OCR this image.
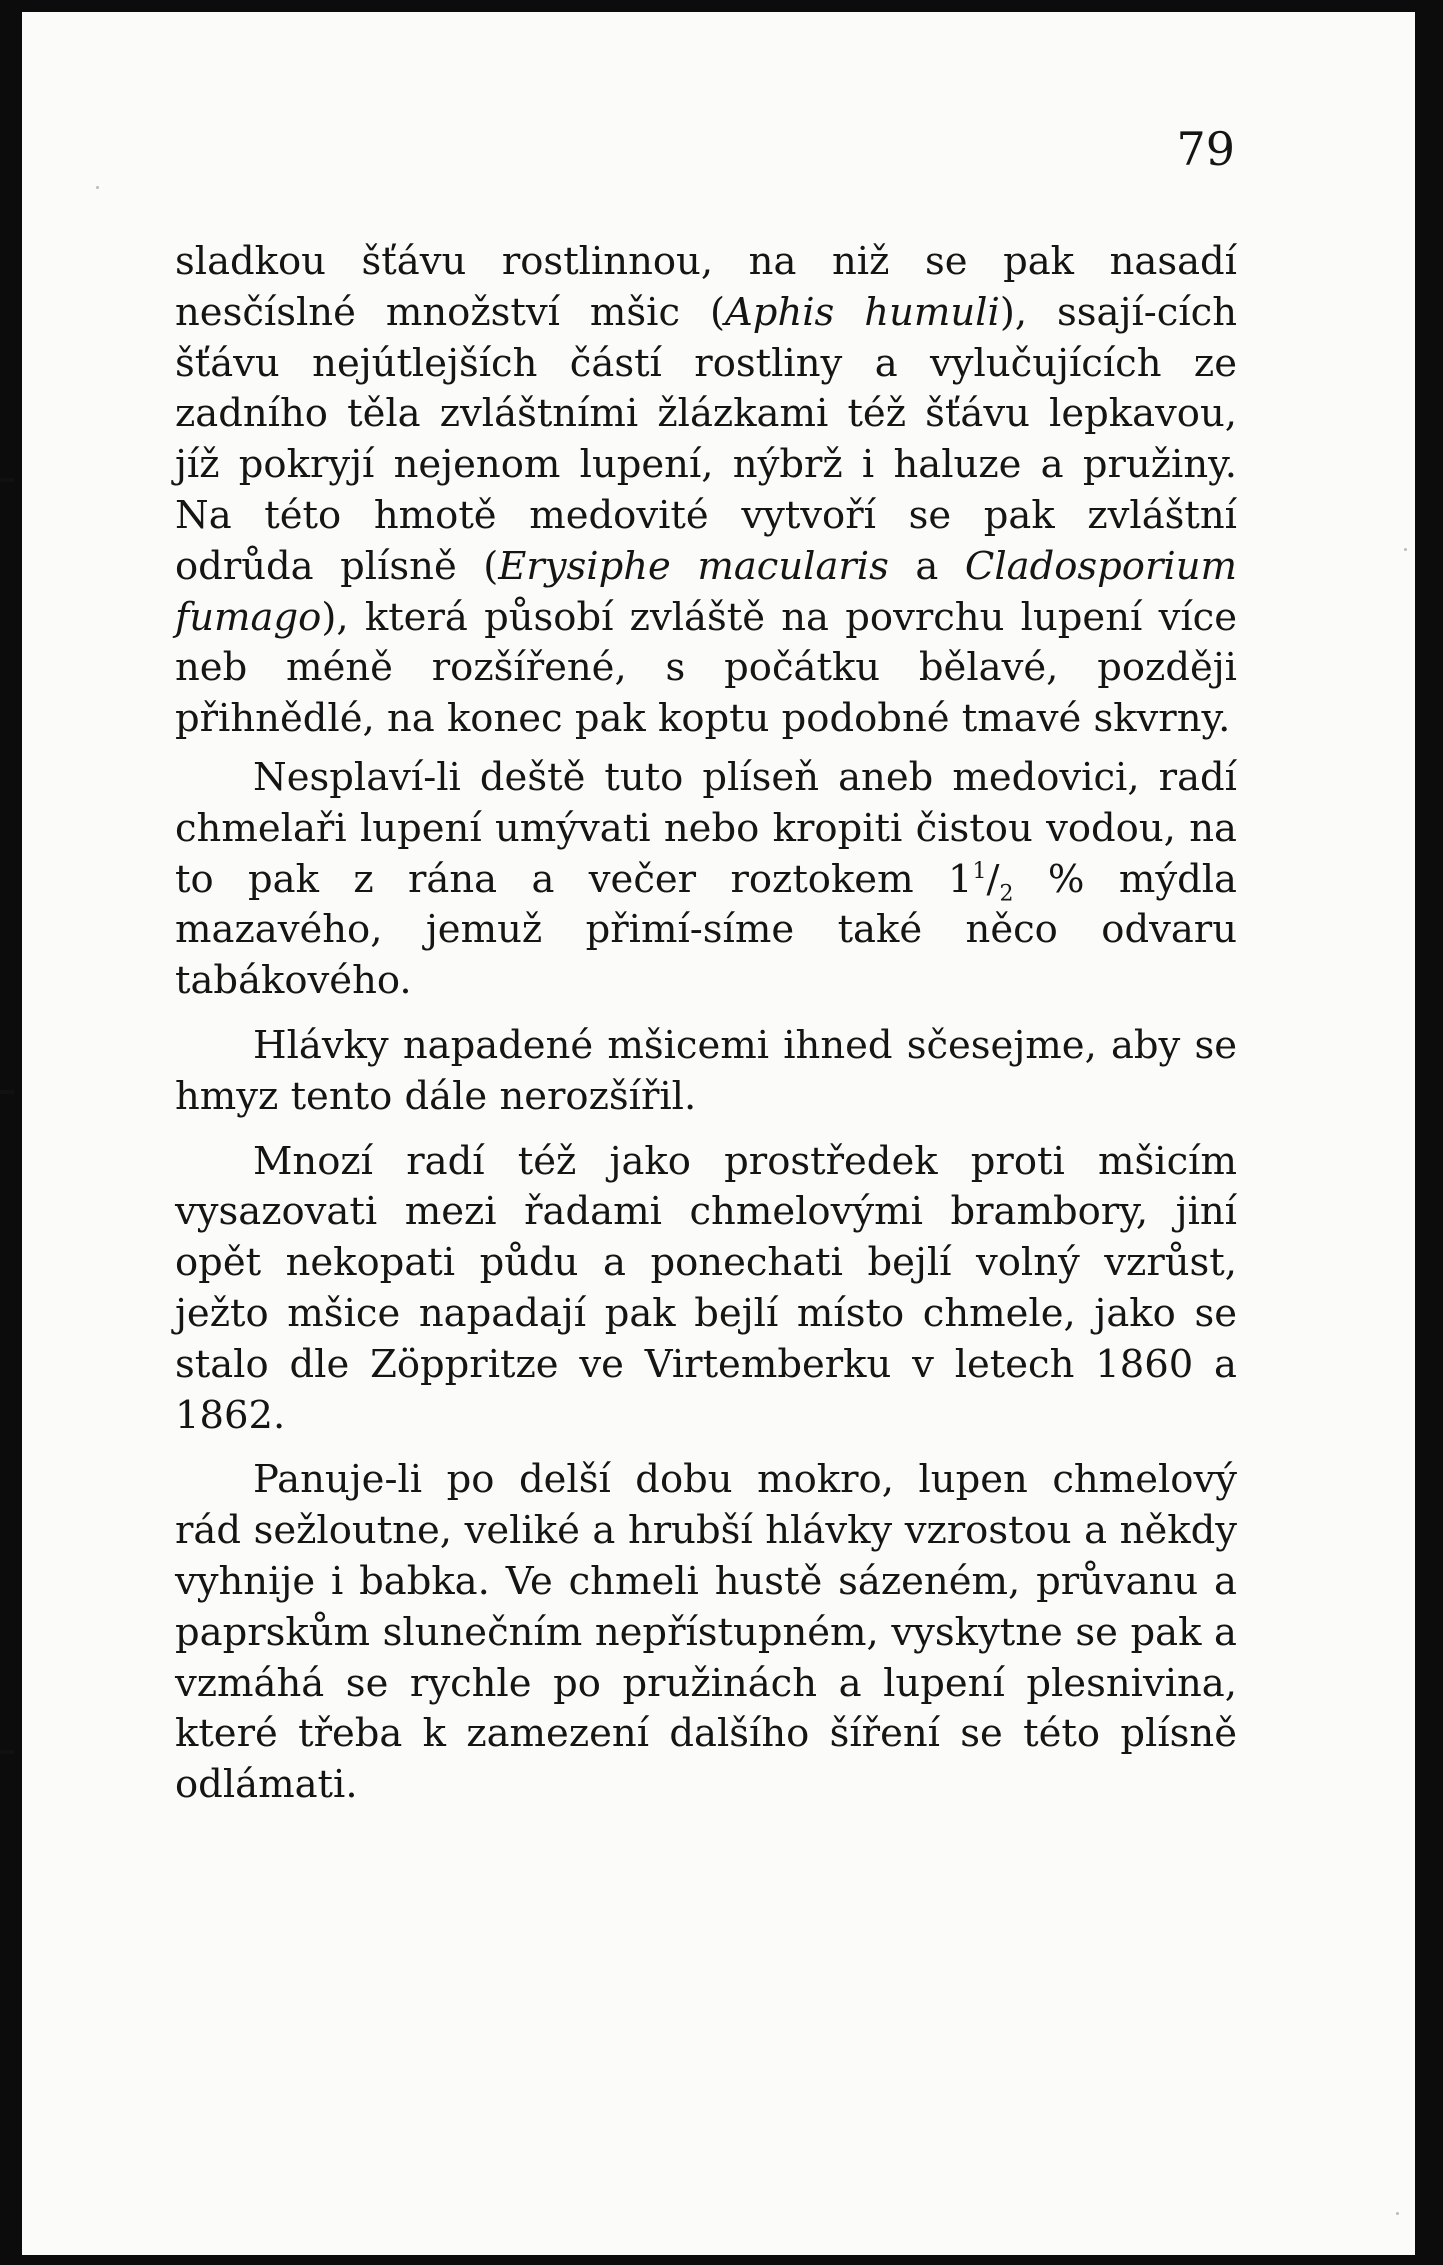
79

sladkou šťávu rostlinnou, na niž se pak nasadí nesčíslné množství mšic (Aphis humuli), ssají-cích šťávu nejútlejších částí rostliny a vylučujících ze zadního těla zvláštními žlázkami též šťávu lepkavou, jíž pokryjí nejenom lupení, nýbrž i haluze a pružiny. Na této hmotě medovité vytvoří se pak zvláštní odrůda plísně (Erysiphe macularis a Cladosporium fumago), která působí zvláště na povrchu lupení více neb méně rozšířené, s počátku bělavé, později přihnědlé, na konec pak koptu podobné tmavé skvrny.

Nesplaví-li deště tuto plíseň aneb medovici, radí chmelaři lupení umývati nebo kropiti čistou vodou, na to pak z rána a večer roztokem $1^1/_2$ % mýdla mazavého, jemuž přimí-síme také něco odvaru tabákového.

Hlávky napadené mšicemi ihned sčesejme, aby se hmyz tento dále nerozšířil.

Mnozí radí též jako prostředek proti mšicím vysazovati mezi řadami chmelovými brambory, jiní opět nekopati půdu a ponechati bejlí volný vzrůst, ježto mšice napadají pak bejlí místo chmele, jako se stalo dle Zöppritze ve Virtemberku v letech 1860 a 1862.

Panuje-li po delší dobu mokro, lupen chmelový rád sežloutne, veliké a hrubší hlávky vzrostou a někdy vyhnije i babka. Ve chmeli hustě sázeném, průvanu a paprskům slunečním nepřístupném, vyskytne se pak a vzmáhá se rychle po pružinách a lupení plesnivina, které třeba k zamezení dalšího šíření se této plísně odlámati.
